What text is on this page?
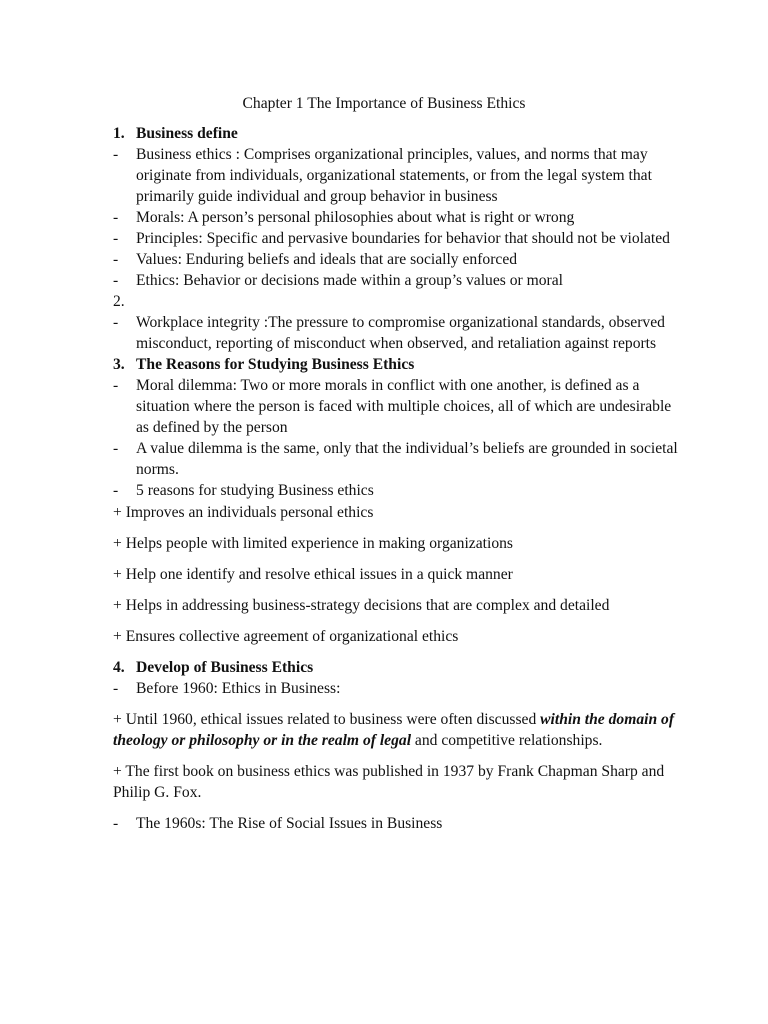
Chapter 1 The Importance of Business Ethics
1. Business define
-	Business ethics : Comprises organizational principles, values, and norms that may originate from individuals, organizational statements, or from the legal system that primarily guide individual and group behavior in business
-	Morals: A person’s personal philosophies about what is right or wrong
-	Principles: Specific and pervasive boundaries for behavior that should not be violated
-	Values: Enduring beliefs and ideals that are socially enforced
-	Ethics: Behavior or decisions made within a group’s values or moral
2.
-	Workplace integrity :The pressure to compromise organizational standards, observed misconduct, reporting of misconduct when observed, and retaliation against reports
3. The Reasons for Studying Business Ethics
-	Moral dilemma: Two or more morals in conflict with one another, is defined as a situation where the person is faced with multiple choices, all of which are undesirable as defined by the person
-	A value dilemma is the same, only that the individual’s beliefs are grounded in societal norms.
-	5 reasons for studying Business ethics
+ Improves an individuals personal ethics
+ Helps people with limited experience in making organizations
+ Help one identify and resolve ethical issues in a quick manner
+ Helps in addressing business-strategy decisions that are complex and detailed
+ Ensures collective agreement of organizational ethics
4. Develop of Business Ethics
-	Before 1960: Ethics in Business:
+ Until 1960, ethical issues related to business were often discussed within the domain of theology or philosophy or in the realm of legal and competitive relationships.
+ The first book on business ethics was published in 1937 by Frank Chapman Sharp and Philip G. Fox.
-	The 1960s: The Rise of Social Issues in Business
